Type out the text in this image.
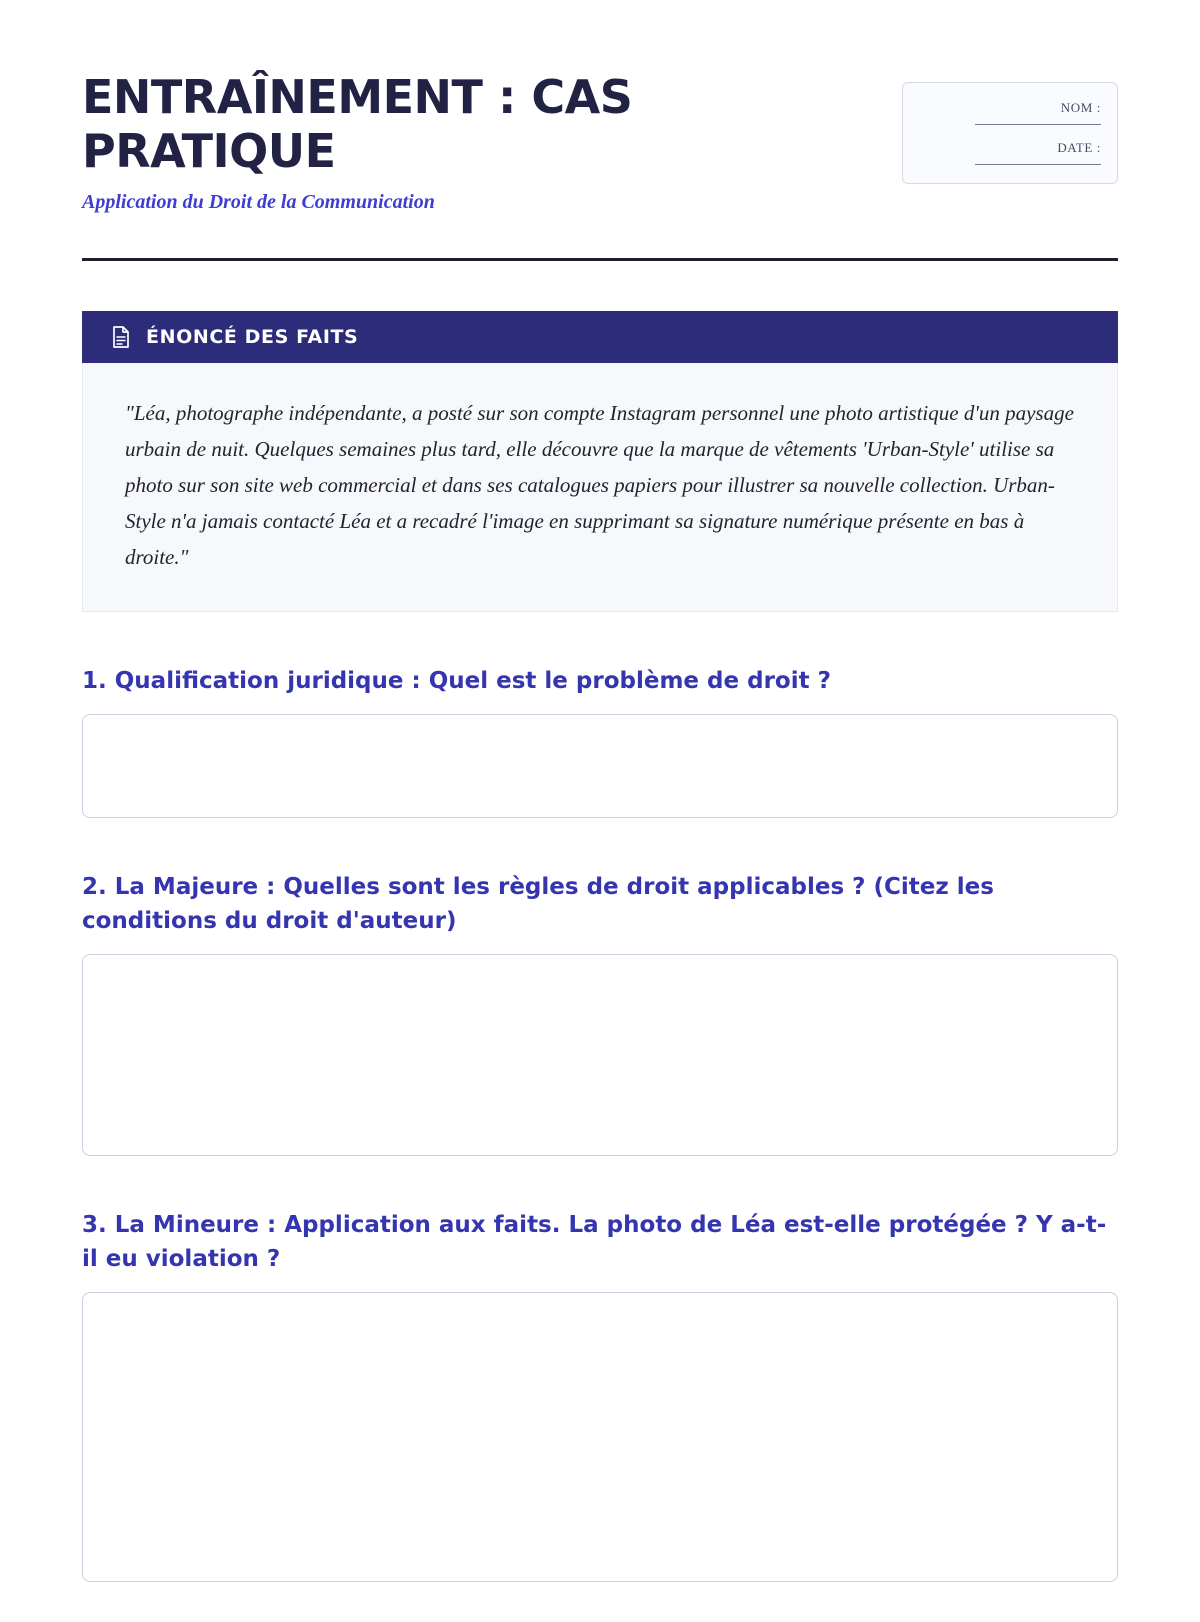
ENTRAÎNEMENT : CAS PRATIQUE

Application du Droit de la Communication

NOM :
DATE :
ÉNONCÉ DES FAITS

"Léa, photographe indépendante, a posté sur son compte Instagram personnel une photo artistique d'un paysage urbain de nuit. Quelques semaines plus tard, elle découvre que la marque de vêtements 'Urban-Style' utilise sa photo sur son site web commercial et dans ses catalogues papiers pour illustrer sa nouvelle collection. Urban-Style n'a jamais contacté Léa et a recadré l'image en supprimant sa signature numérique présente en bas à droite."

1. Qualification juridique : Quel est le problème de droit ?

2. La Majeure : Quelles sont les règles de droit applicables ? (Citez les conditions du droit d'auteur)

3. La Mineure : Application aux faits. La photo de Léa est-elle protégée ? Y a-t-il eu violation ?
